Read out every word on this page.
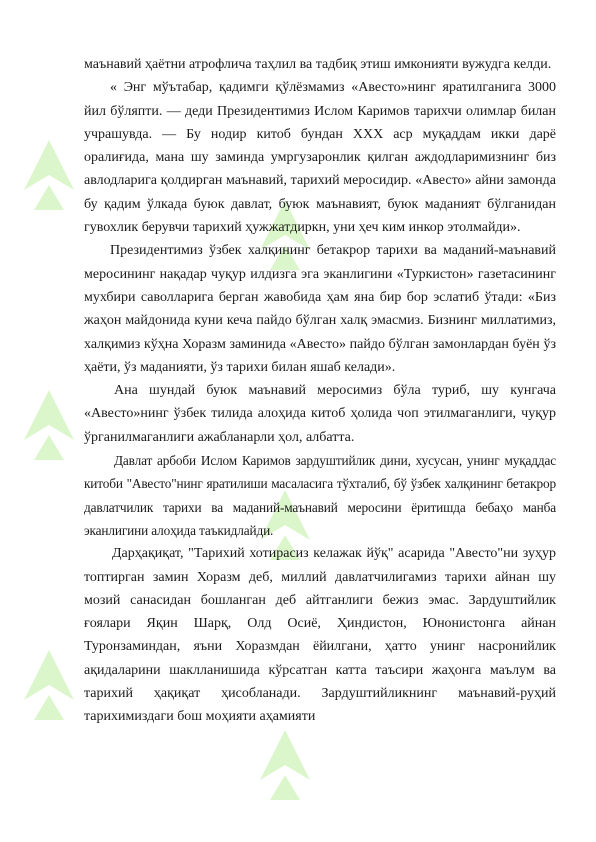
маънавий ҳаётни атрофлича таҳлил ва тадбиқ этиш имконияти вужудга келди.

« Энг мўътабар, қадимги қўлёзмамиз «Авесто»нинг яратилганига 3000 йил бўляпти. — деди Президентимиз Ислом Каримов тарихчи олимлар билан учрашувда. — Бу нодир китоб бундан XXX аср муқаддам икки дарё оралиғида, мана шу заминда умргузаронлик қилган аждодларимизнинг биз авлодларига қолдирган маънавий, тарихий меросидир. «Авесто» айни замонда бу қадим ўлкада буюк давлат, буюк маънавият, буюк маданият бўлганидан гувохлик берувчи тарихий ҳужжатдиркн, уни ҳеч ким инкор этолмайди».

Президентимиз ўзбек халқининг бетакрор тарихи ва маданий-маънавий меросининг нақадар чуқур илдизга эга эканлигини «Туркистон» газетасининг мухбири саволларига берган жавобида ҳам яна бир бор эслатиб ўтади: «Биз жаҳон майдонида куни кеча пайдо бўлган халқ эмасмиз. Бизнинг миллатимиз, халқимиз кўҳна Хоразм заминида «Авесто» пайдо бўлган замонлардан буён ўз ҳаёти, ўз маданияти, ўз тарихи билан яшаб келади».

Ана шундай буюк маънавий меросимиз бўла туриб, шу кунгача «Авесто»нинг ўзбек тилида алоҳида китоб ҳолида чоп этилмаганлиги, чуқур ўрганилмаганлиги ажабланарли ҳол, албатта.

Давлат арбоби Ислом Каримов зардуштийлик дини, хусусан, унинг муқаддас китоби "Авесто"нинг яратилиши масаласига тўхталиб, бў ўзбек халқининг бетакрор давлатчилик тарихи ва маданий-маънавий меросини ёритишда бебаҳо манба эканлигини алоҳида таъкидлайди.

Дарҳақиқат, "Тарихий хотирасиз келажак йўқ" асарида "Авесто"ни зуҳур топтирган замин Хоразм деб, миллий давлатчилигамиз тарихи айнан шу мозий санасидан бошланган деб айтганлиги бежиз эмас. Зардуштийлик ғоялари Яқин Шарқ, Олд Осиё, Ҳиндистон, Юнонистонга айнан Туронзаминдан, яъни Хоразмдан ёйилгани, ҳатто унинг насронийлик ақидаларини шаклланишида кўрсатган катта таъсири жаҳонга маълум ва тарихий ҳақиқат ҳисобланади. Зардуштийликнинг маънавий-руҳий тарихимиздаги бош моҳияти аҳамияти
